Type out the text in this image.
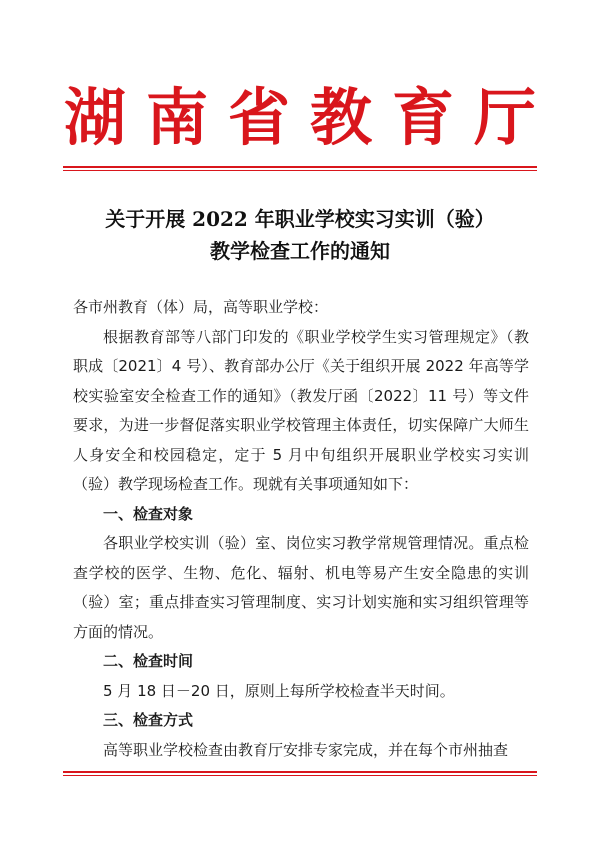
湖南省教育厅
关于开展 2022 年职业学校实习实训（验）
教学检查工作的通知

各市州教育（体）局，高等职业学校：

根据教育部等八部门印发的《职业学校学生实习管理规定》（教职成〔2021〕4 号）、教育部办公厅《关于组织开展 2022 年高等学校实验室安全检查工作的通知》（教发厅函〔2022〕11 号）等文件要求，为进一步督促落实职业学校管理主体责任，切实保障广大师生人身安全和校园稳定，定于 5 月中旬组织开展职业学校实习实训（验）教学现场检查工作。现就有关事项通知如下：

一、检查对象

各职业学校实训（验）室、岗位实习教学常规管理情况。重点检查学校的医学、生物、危化、辐射、机电等易产生安全隐患的实训（验）室；重点排查实习管理制度、实习计划实施和实习组织管理等方面的情况。

二、检查时间

5 月 18 日－20 日，原则上每所学校检查半天时间。

三、检查方式

高等职业学校检查由教育厅安排专家完成，并在每个市州抽查
